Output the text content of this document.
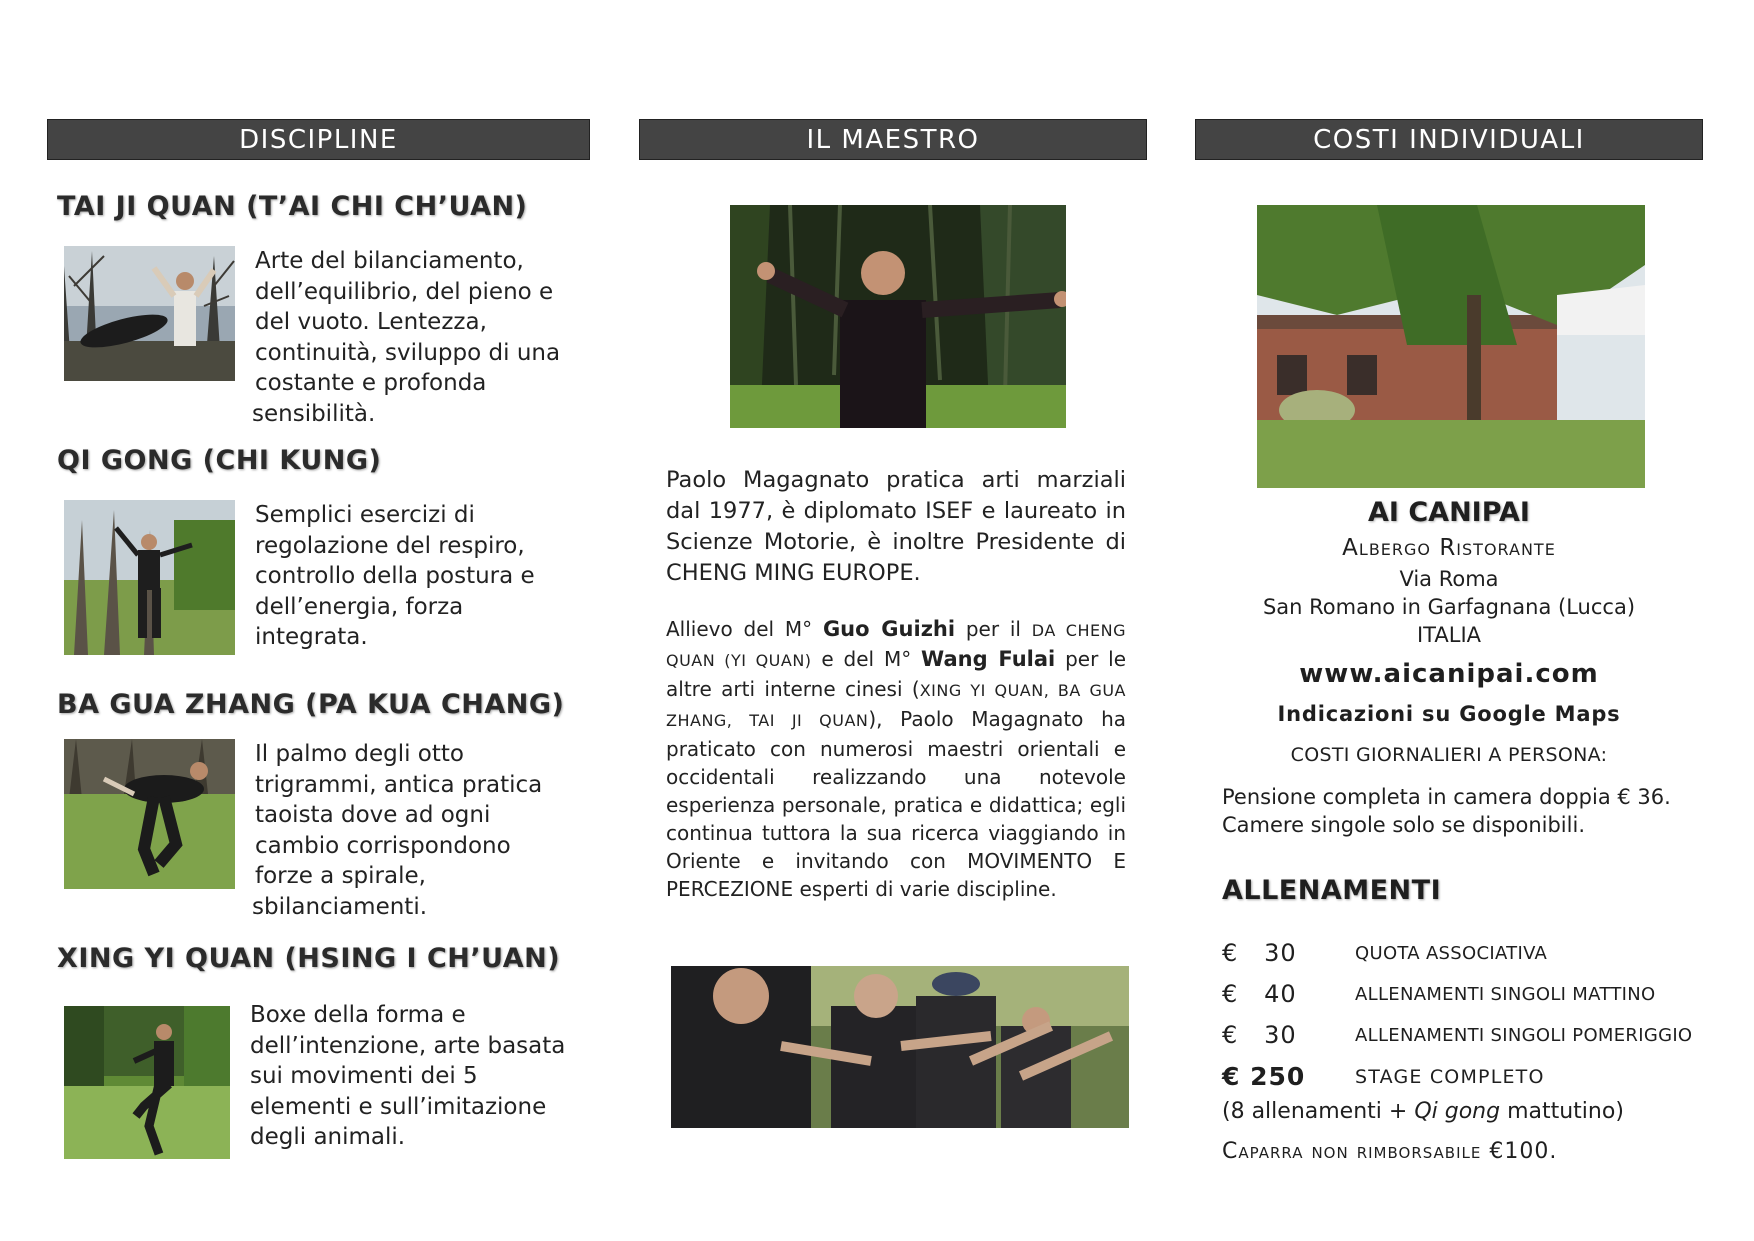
DISCIPLINE
TAI JI QUAN (T’AI CHI CH’UAN)
Arte del bilanciamento,
dell’equilibrio, del pieno e
del vuoto. Lentezza,
continuità, sviluppo di una
costante e profonda
sensibilità.
QI GONG (CHI KUNG)
Semplici esercizi di
regolazione del respiro,
controllo della postura e
dell’energia, forza
integrata.
BA GUA ZHANG (PA KUA CHANG)
Il palmo degli otto
trigrammi, antica pratica
taoista dove ad ogni
cambio corrispondono
forze a spirale,
sbilanciamenti.
XING YI QUAN (HSING I CH’UAN)
Boxe della forma e
dell’intenzione, arte basata
sui movimenti dei 5
elementi e sull’imitazione
degli animali.
IL MAESTRO
Paolo Magagnato pratica arti marziali dal 1977, è diplomato ISEF e laureato in Scienze Motorie, è inoltre Presidente di CHENG MING EUROPE.
Allievo del M° Guo Guizhi per il DA CHENG QUAN (YI QUAN) e del M° Wang Fulai per le altre arti interne cinesi (XING YI QUAN, BA GUA ZHANG, TAI JI QUAN), Paolo Magagnato ha praticato con numerosi maestri orientali e occidentali realizzando una notevole esperienza personale, pratica e didattica; egli continua tuttora la sua ricerca viaggiando in Oriente e invitando con MOVIMENTO E PERCEZIONE esperti di varie discipline.
COSTI INDIVIDUALI
AI CANIPAI
Albergo Ristorante
Via Roma
San Romano in Garfagnana (Lucca)
ITALIA
www.aicanipai.com
Indicazioni su Google Maps
COSTI GIORNALIERI A PERSONA:
Pensione completa in camera doppia € 36.
Camere singole solo se disponibili.
ALLENAMENTI
€   30	QUOTA ASSOCIATIVA
€   40	ALLENAMENTI SINGOLI MATTINO
€   30	ALLENAMENTI SINGOLI POMERIGGIO
€ 250	STAGE COMPLETO
(8 allenamenti + Qi gong mattutino)
Caparra non rimborsabile €100.
